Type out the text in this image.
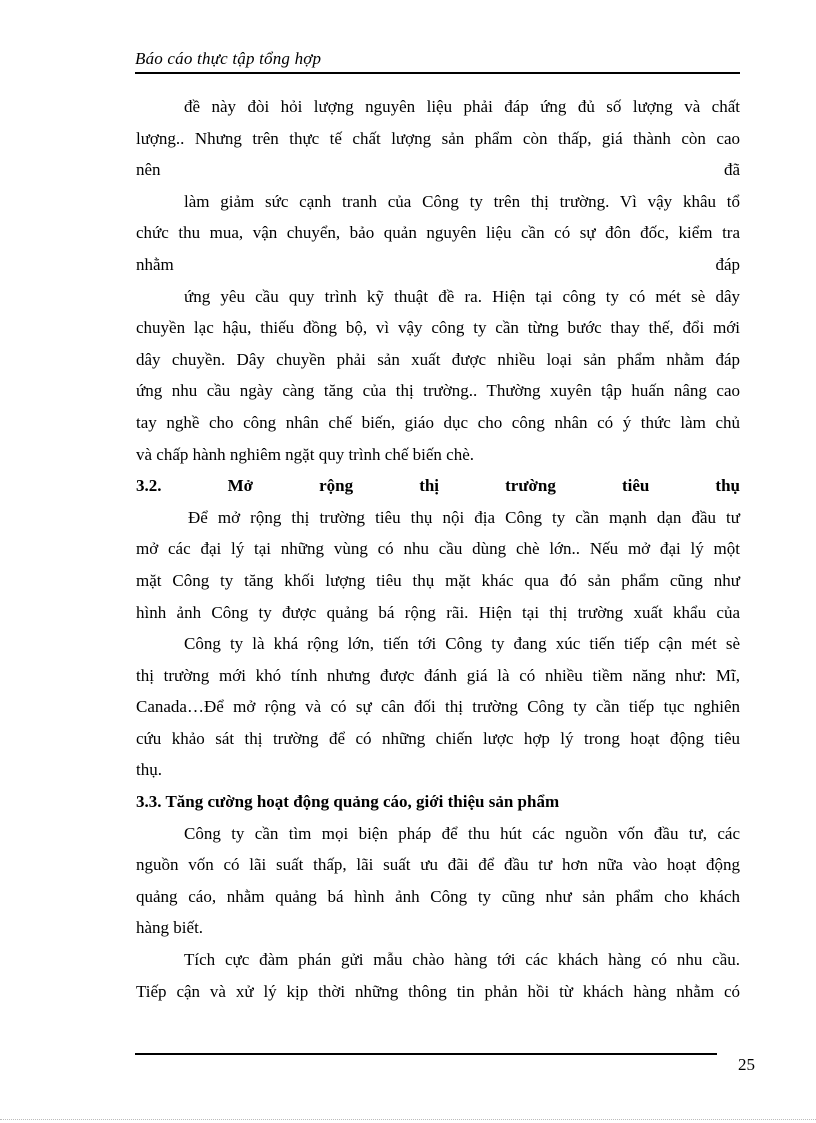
Báo cáo thực tập tổng hợp
đề này đòi hỏi lượng nguyên liệu phải đáp ứng đủ số lượng và chất
lượng.. Nhưng trên thực tế chất lượng sản phẩm còn thấp, giá thành còn cao
nên đã
làm giảm sức cạnh tranh của Công ty trên thị trường. Vì vậy khâu tổ
chức thu mua, vận chuyển, bảo quản nguyên liệu cần có sự đôn đốc, kiểm tra
nhằm đáp
ứng yêu cầu quy trình kỹ thuật đề ra. Hiện tại công ty có mét sè dây
chuyền lạc hậu, thiếu đồng bộ, vì vậy công ty cần từng bước thay thế, đổi mới
dây chuyền. Dây chuyền phải sản xuất được nhiều loại sản phẩm nhằm đáp
ứng nhu cầu ngày càng tăng của thị trường.. Thường xuyên tập huấn nâng cao
tay nghề cho công nhân chế biến, giáo dục cho công nhân có ý thức làm chủ
và chấp hành nghiêm ngặt quy trình chế biến chè.
3.2. Mở rộng thị trường tiêu thụ
Để mở rộng thị trường tiêu thụ nội địa Công ty cần mạnh dạn đầu tư
mở các đại lý tại những vùng có nhu cầu dùng chè lớn.. Nếu mở đại lý một
mặt Công ty tăng khối lượng tiêu thụ mặt khác qua đó sản phẩm cũng như
hình ảnh Công ty được quảng bá rộng rãi. Hiện tại thị trường xuất khẩu của
Công ty là khá rộng lớn, tiến tới Công ty đang xúc tiến tiếp cận mét sè
thị trường mới khó tính nhưng được đánh giá là có nhiều tiềm năng như: Mĩ,
Canada…Để mở rộng và có sự cân đối thị trường Công ty cần tiếp tục nghiên
cứu khảo sát thị trường để có những chiến lược hợp lý trong hoạt động tiêu
thụ.
3.3. Tăng cường hoạt động quảng cáo, giới thiệu sản phẩm
Công ty cần tìm mọi biện pháp để thu hút các nguồn vốn đầu tư, các
nguồn vốn có lãi suất thấp, lãi suất ưu đãi để đầu tư hơn nữa vào hoạt động
quảng cáo, nhằm quảng bá hình ảnh Công ty cũng như sản phẩm cho khách
hàng biết.
Tích cực đàm phán gửi mẫu chào hàng tới các khách hàng có nhu cầu.
Tiếp cận và xử lý kịp thời những thông tin phản hồi từ khách hàng nhằm có
25
